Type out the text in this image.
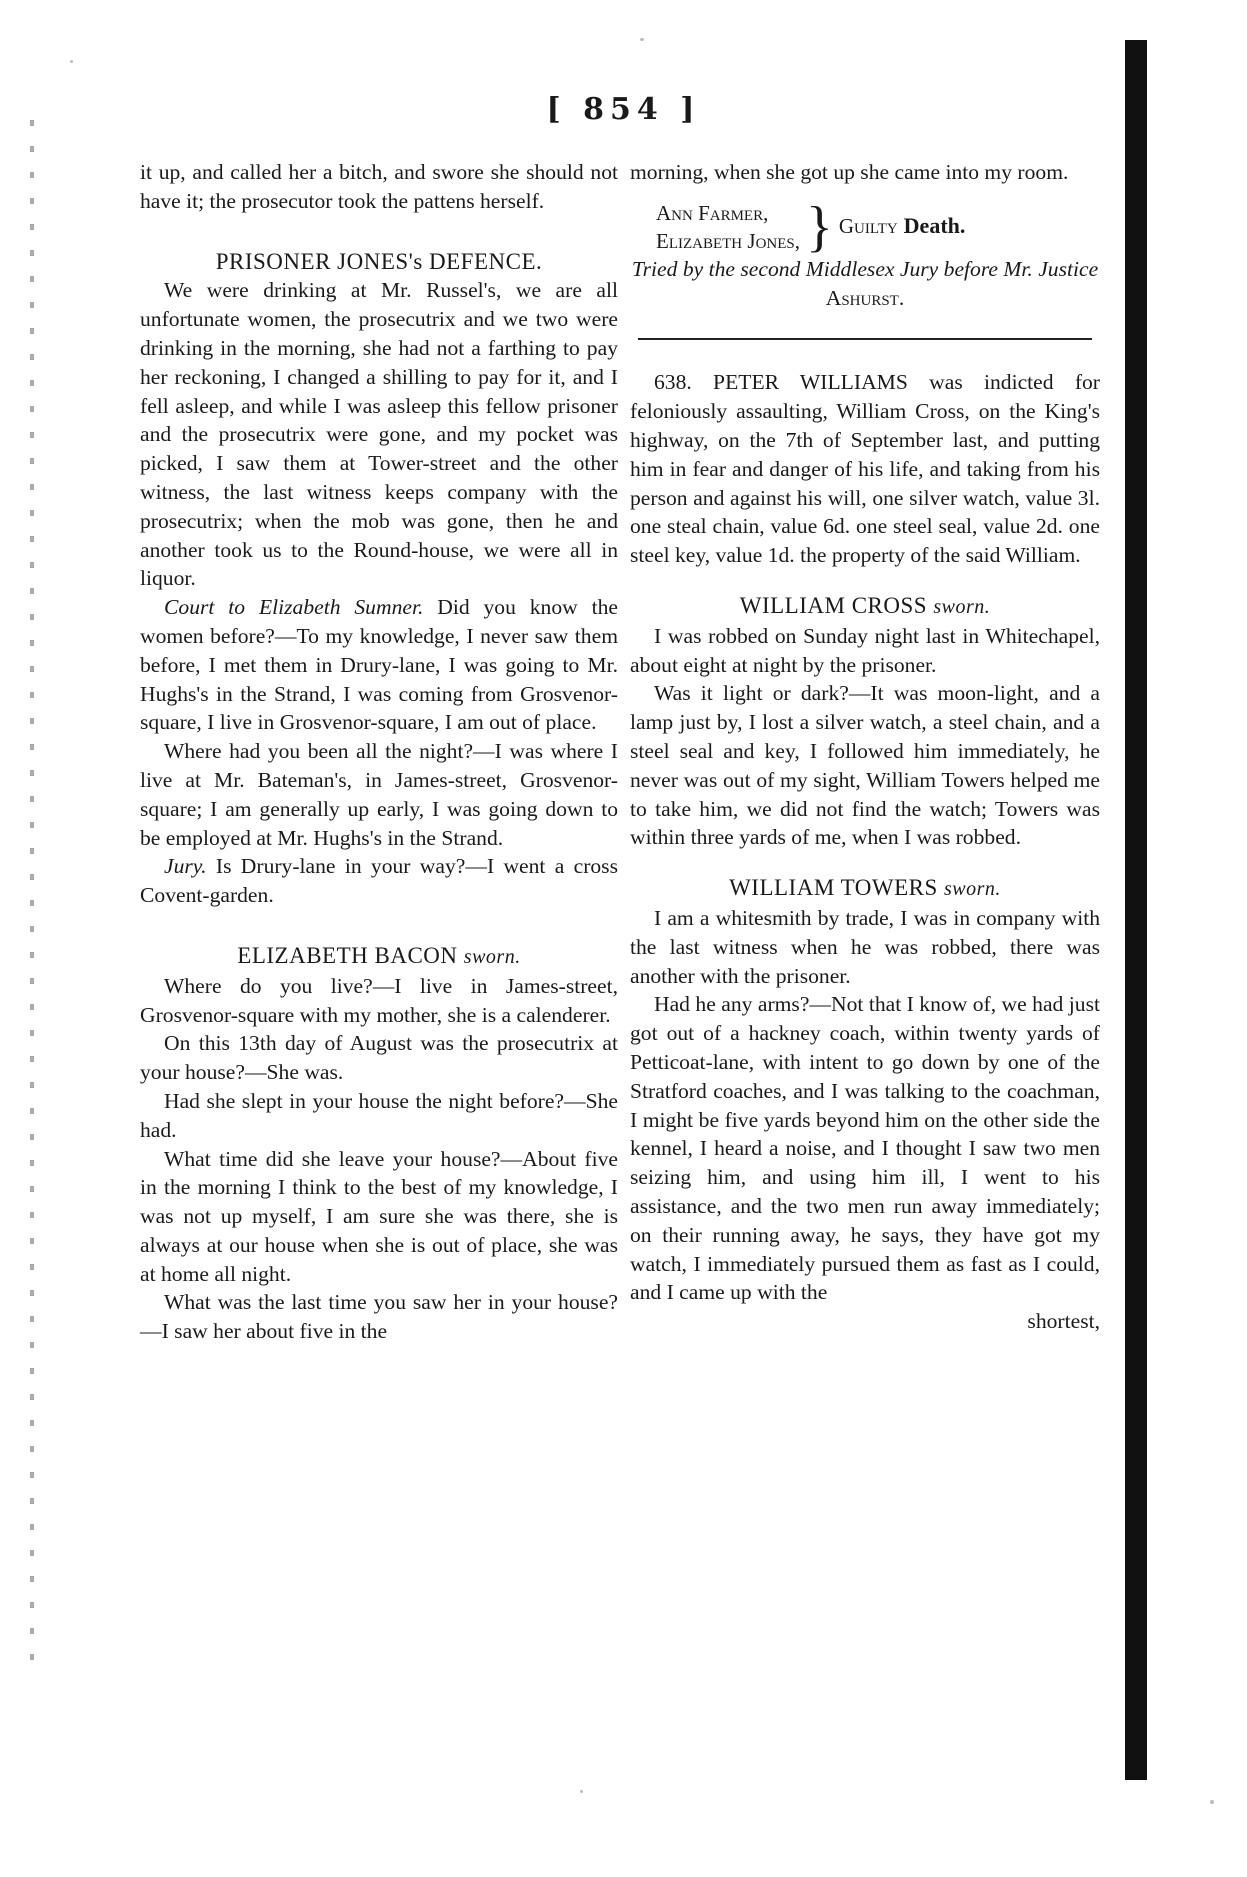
[ 854 ]

it up, and called her a bitch, and swore she should not have it; the prosecutor took the pattens herself.

PRISONER JONES's DEFENCE.

We were drinking at Mr. Russel's, we are all unfortunate women, the prosecutrix and we two were drinking in the morning, she had not a farthing to pay her reckoning, I changed a shilling to pay for it, and I fell asleep, and while I was asleep this fellow prisoner and the prosecutrix were gone, and my pocket was picked, I saw them at Tower-street and the other witness, the last witness keeps company with the prosecutrix; when the mob was gone, then he and another took us to the Round-house, we were all in liquor.

Court to Elizabeth Sumner. Did you know the women before?—To my knowledge, I never saw them before, I met them in Drury-lane, I was going to Mr. Hughs's in the Strand, I was coming from Grosvenor-square, I live in Grosvenor-square, I am out of place.

Where had you been all the night?—I was where I live at Mr. Bateman's, in James-street, Grosvenor-square; I am generally up early, I was going down to be employed at Mr. Hughs's in the Strand.

Jury. Is Drury-lane in your way?—I went a cross Covent-garden.

ELIZABETH BACON sworn.

Where do you live?—I live in James-street, Grosvenor-square with my mother, she is a calenderer.

On this 13th day of August was the prosecutrix at your house?—She was.

Had she slept in your house the night before?—She had.

What time did she leave your house?—About five in the morning I think to the best of my knowledge, I was not up myself, I am sure she was there, she is always at our house when she is out of place, she was at home all night.

What was the last time you saw her in your house?—I saw her about five in the

morning, when she got up she came into my room.

Ann Farmer,
Elizabeth Jones, } Guilty Death.

Tried by the second Middlesex Jury before Mr. Justice Ashurst.

638. PETER WILLIAMS was indicted for feloniously assaulting, William Cross, on the King's highway, on the 7th of September last, and putting him in fear and danger of his life, and taking from his person and against his will, one silver watch, value 3l. one steal chain, value 6d. one steel seal, value 2d. one steel key, value 1d. the property of the said William.

WILLIAM CROSS sworn.

I was robbed on Sunday night last in Whitechapel, about eight at night by the prisoner.

Was it light or dark?—It was moon-light, and a lamp just by, I lost a silver watch, a steel chain, and a steel seal and key, I followed him immediately, he never was out of my sight, William Towers helped me to take him, we did not find the watch; Towers was within three yards of me, when I was robbed.

WILLIAM TOWERS sworn.

I am a whitesmith by trade, I was in company with the last witness when he was robbed, there was another with the prisoner.

Had he any arms?—Not that I know of, we had just got out of a hackney coach, within twenty yards of Petticoat-lane, with intent to go down by one of the Stratford coaches, and I was talking to the coachman, I might be five yards beyond him on the other side the kennel, I heard a noise, and I thought I saw two men seizing him, and using him ill, I went to his assistance, and the two men run away immediately; on their running away, he says, they have got my watch, I immediately pursued them as fast as I could, and I came up with the

shortest,
